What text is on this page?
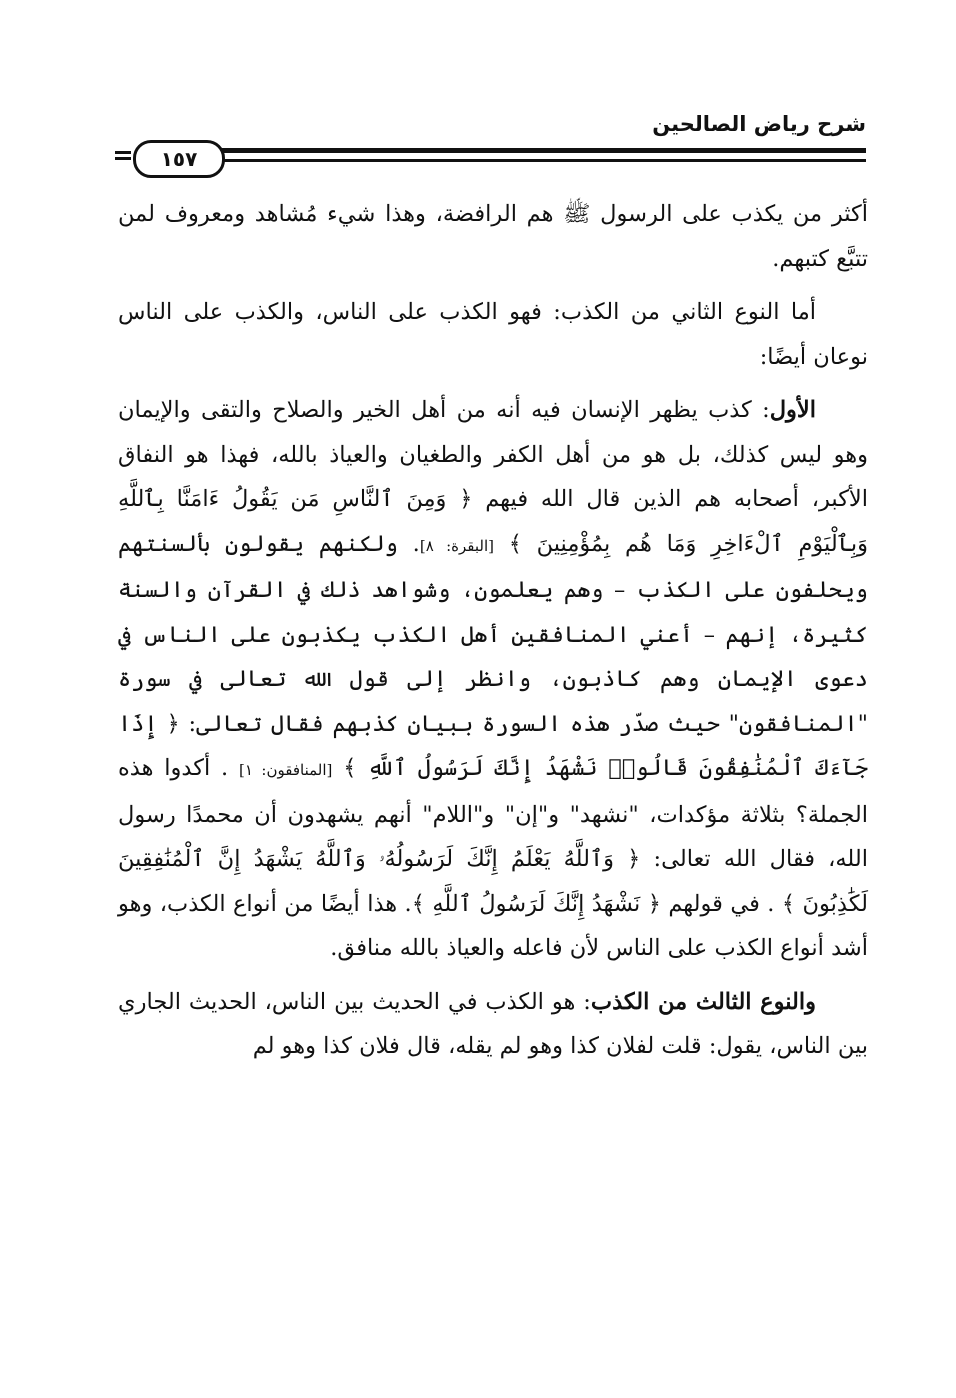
شرح رياض الصالحين
١٥٧

أكثر من يكذب على الرسول ﷺ هم الرافضة، وهذا شيء مُشاهد ومعروف لمن تتبَّع كتبهم.

أما النوع الثاني من الكذب: فهو الكذب على الناس، والكذب على الناس نوعان أيضًا:

الأول: كذب يظهر الإنسان فيه أنه من أهل الخير والصلاح والتقى والإيمان وهو ليس كذلك، بل هو من أهل الكفر والطغيان والعياذ بالله، فهذا هو النفاق الأكبر، أصحابه هم الذين قال الله فيهم ﴿ وَمِنَ ٱلنَّاسِ مَن يَقُولُ ءَامَنَّا بِٱللَّهِ وَبِٱلْيَوْمِ ٱلْءَاخِرِ وَمَا هُم بِمُؤْمِنِينَ ﴾ [البقرة: ٨]. ولكنهم يقولون بألسنتهم ويحلفون على الكذب – وهم يعلمون، وشواهد ذلك في القرآن والسنة كثيرة، إنهم – أعني المنافقين أهل الكذب يكذبون على الناس في دعوى الإيمان وهم كاذبون، وانظر إلى قول الله تعالى في سورة "المنافقون" حيث صدّر هذه السورة ببيان كذبهم فقال تعالى: ﴿ إِذَا جَآءَكَ ٱلْمُنَٰفِقُونَ قَالُوا۟ نَشْهَدُ إِنَّكَ لَرَسُولُ ٱللَّهِ ﴾ [المنافقون: ١] . أكدوا هذه الجملة؟ بثلاثة مؤكدات، "نشهد" و"إن" و"اللام" أنهم يشهدون أن محمدًا رسول الله، فقال الله تعالى: ﴿ وَٱللَّهُ يَعْلَمُ إِنَّكَ لَرَسُولُهُۥ وَٱللَّهُ يَشْهَدُ إِنَّ ٱلْمُنَٰفِقِينَ لَكَٰذِبُونَ ﴾ . في قولهم ﴿ نَشْهَدُ إِنَّكَ لَرَسُولُ ٱللَّهِ ﴾. هذا أيضًا من أنواع الكذب، وهو أشد أنواع الكذب على الناس لأن فاعله والعياذ بالله منافق.

والنوع الثالث من الكذب: هو الكذب في الحديث بين الناس، الحديث الجاري بين الناس، يقول: قلت لفلان كذا وهو لم يقله، قال فلان كذا وهو لم
